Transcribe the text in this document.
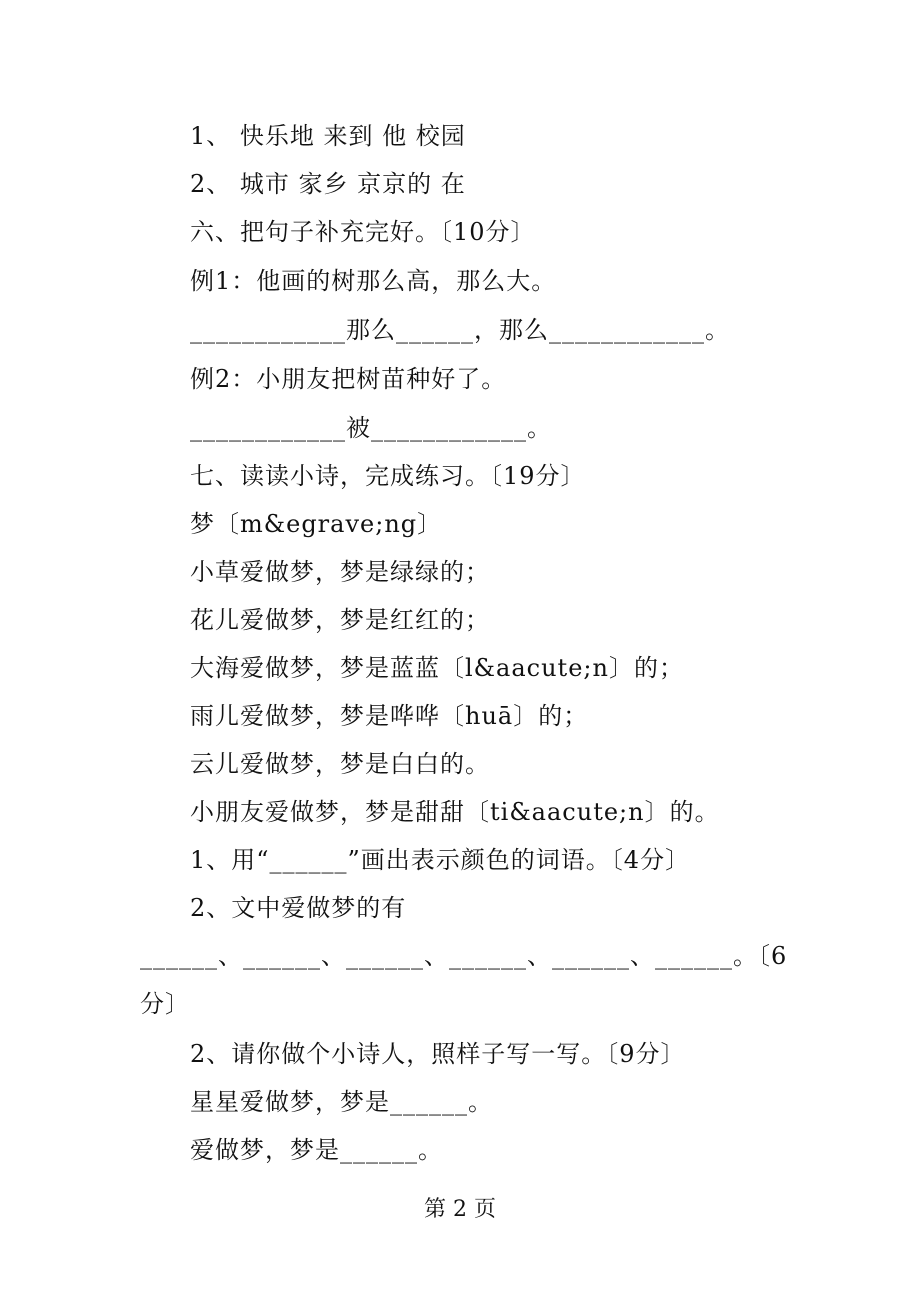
1、 快乐地 来到 他 校园
2、 城市 家乡 京京的 在
六、把句子补充完好。〔10分〕
例1：他画的树那么高，那么大。
____________那么______，那么____________。
例2：小朋友把树苗种好了。
____________被____________。
七、读读小诗，完成练习。〔19分〕
梦〔m&egrave;ng〕
小草爱做梦，梦是绿绿的；
花儿爱做梦，梦是红红的；
大海爱做梦，梦是蓝蓝〔l&aacute;n〕的；
雨儿爱做梦，梦是哗哗〔huā〕的；
云儿爱做梦，梦是白白的。
小朋友爱做梦，梦是甜甜〔ti&aacute;n〕的。
1、用“______”画出表示颜色的词语。〔4分〕
2、文中爱做梦的有
______、______、______、______、______、______。〔6
分〕
2、请你做个小诗人，照样子写一写。〔9分〕
星星爱做梦，梦是______。
爱做梦，梦是______。
第 2 页
